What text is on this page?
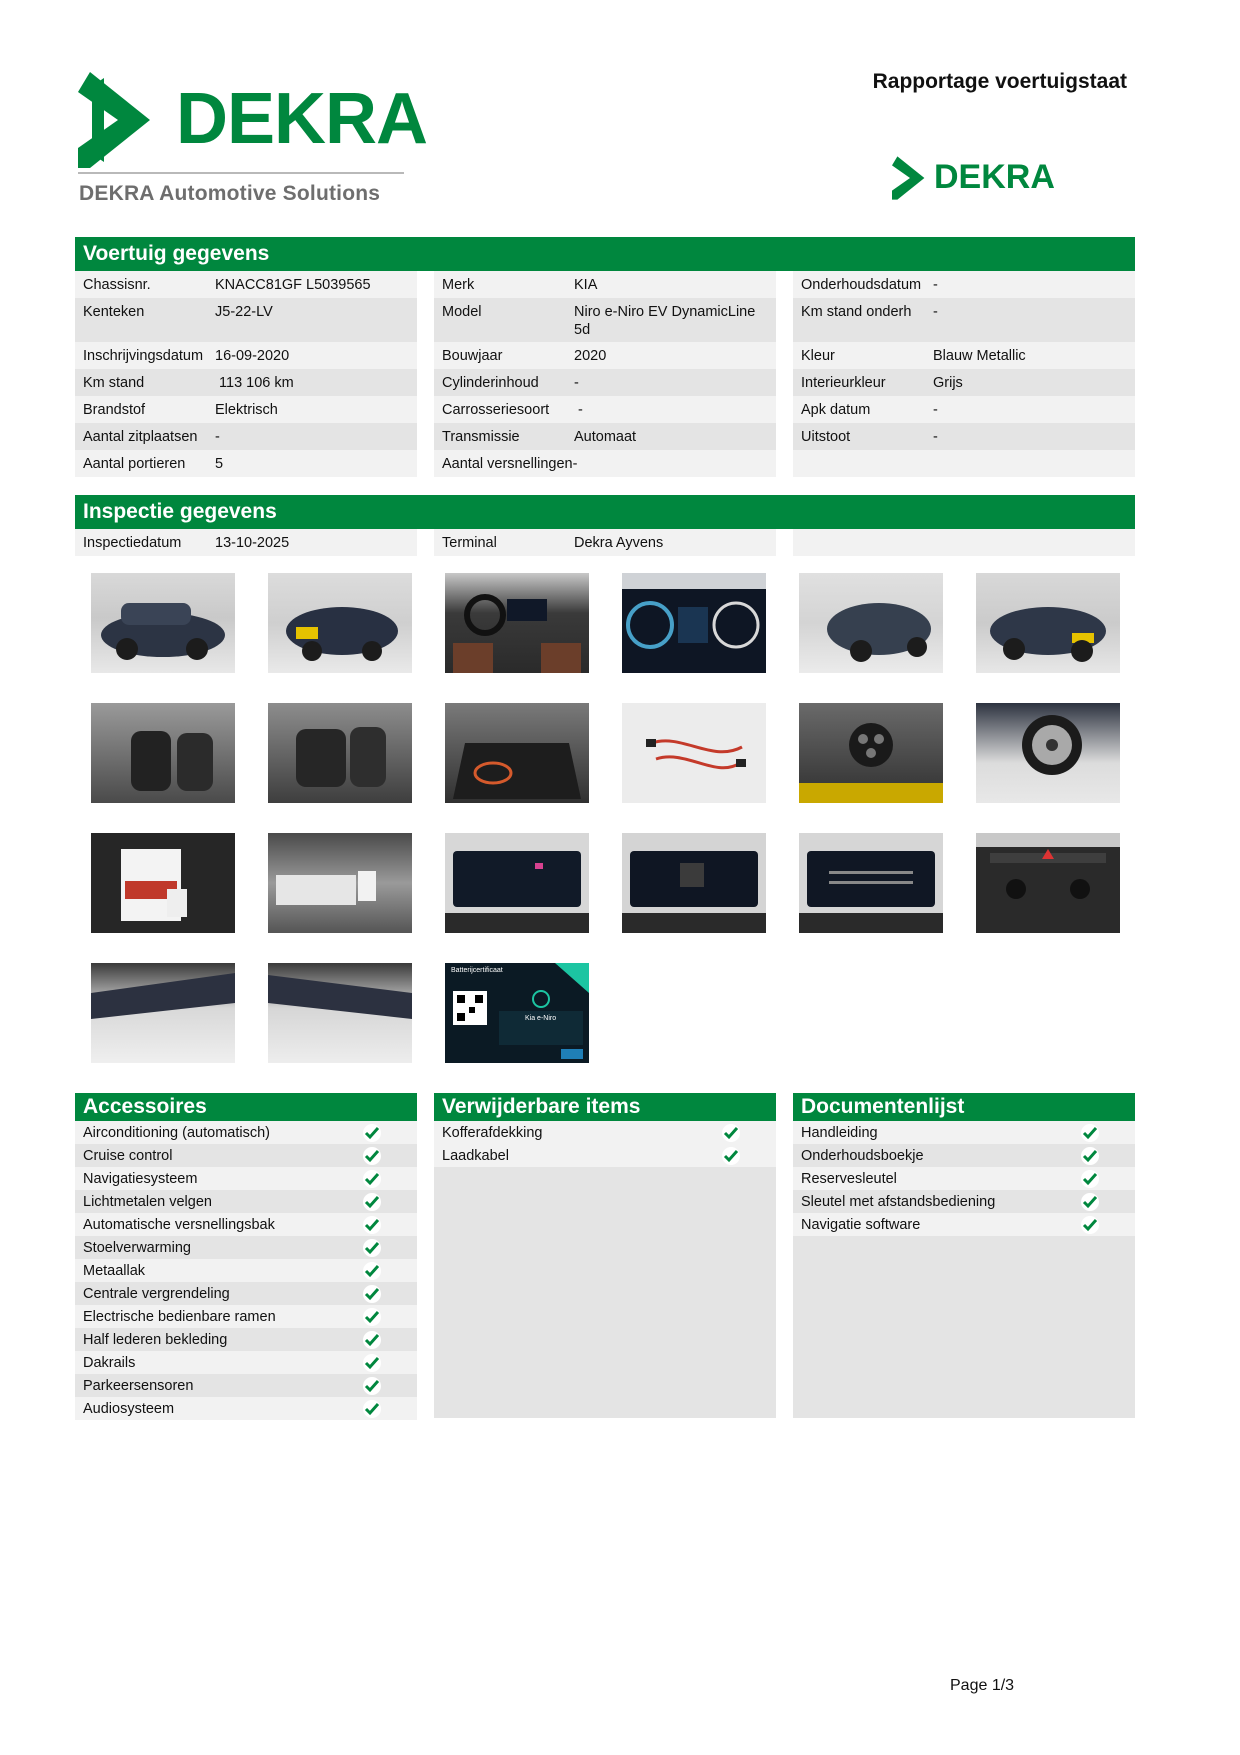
DEKRA
DEKRA Automotive Solutions
Rapportage voertuigstaat
DEKRA
Voertuig gegevens
Chassisnr.	KNACC81GF L5039565
Kenteken	J5-22-LV
Inschrijvingsdatum 16-09-2020
Km stand	113 106 km
Brandstof	Elektrisch
Aantal zitplaatsen	-
Aantal portieren	5
Merk	KIA
Model	Niro e-Niro EV DynamicLine 5d
Bouwjaar	2020
Cylinderinhoud	-
Carrosseriesoort	-
Transmissie	Automaat
Aantal versnellingen -
Onderhoudsdatum -
Km stand onderh	-
Kleur	Blauw Metallic
Interieurkleur	Grijs
Apk datum	-
Uitstoot	-
Inspectie gegevens
Inspectiedatum	13-10-2025	Terminal	Dekra Ayvens
Batterijcertificaat
Kia e-Niro
Accessoires
Airconditioning (automatisch)
Cruise control
Navigatiesysteem
Lichtmetalen velgen
Automatische versnellingsbak
Stoelverwarming
Metaallak
Centrale vergrendeling
Electrische bedienbare ramen
Half lederen bekleding
Dakrails
Parkeersensoren
Audiosysteem
Verwijderbare items
Kofferafdekking
Laadkabel
Documentenlijst
Handleiding
Onderhoudsboekje
Reservesleutel
Sleutel met afstandsbediening
Navigatie software
Page 1/3
